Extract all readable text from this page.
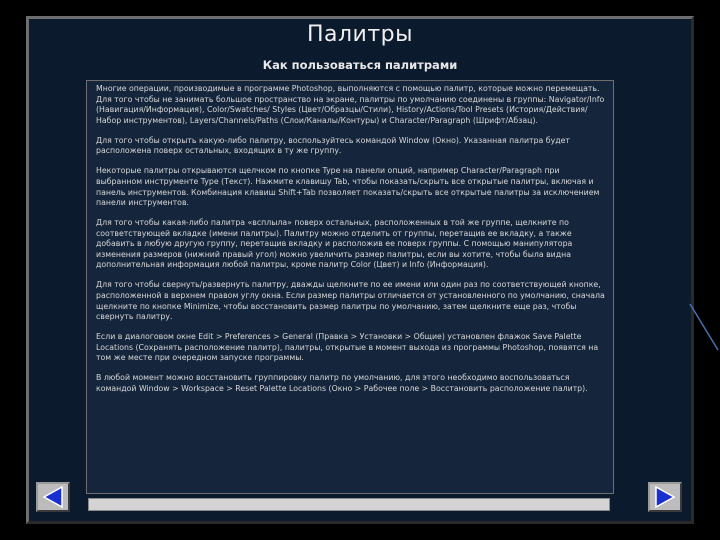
Палитры
Как пользоваться палитрами

Многие операции, производимые в программе Photoshop, выполняются с помощью палитр, которые можно перемещать. Для того чтобы не занимать большое пространство на экране, палитры по умолчанию соединены в группы: Navigator/Info (Навигация/Информация), Color/Swatches/ Styles (Цвет/Образцы/Стили), History/Actions/Tool Presets (История/Действия/Набор инструментов), Layers/Channels/Paths (Слои/Каналы/Контуры) и Character/Paragraph (Шрифт/Абзац).

Для того чтобы открыть какую-либо палитру, воспользуйтесь командой Window (Окно). Указанная палитра будет расположена поверх остальных, входящих в ту же группу.

Некоторые палитры открываются щелчком по кнопке Type на панели опций, например Character/Paragraph при выбранном инструменте Type (Текст). Нажмите клавишу Tab, чтобы показать/скрыть все открытые палитры, включая и панель инструментов. Комбинация клавиш Shift+Tab позволяет показать/скрыть все открытые палитры за исключением панели инструментов.

Для того чтобы какая-либо палитра «всплыла» поверх остальных, расположенных в той же группе, щелкните по соответствующей вкладке (имени палитры). Палитру можно отделить от группы, перетащив ее вкладку, а также добавить в любую другую группу, перетащив вкладку и расположив ее поверх группы. С помощью манипулятора изменения размеров (нижний правый угол) можно увеличить размер палитры, если вы хотите, чтобы была видна дополнительная информация любой палитры, кроме палитр Color (Цвет) и Info (Информация).

Для того чтобы свернуть/развернуть палитру, дважды щелкните по ее имени или один раз по соответствующей кнопке, расположенной в верхнем правом углу окна. Если размер палитры отличается от установленного по умолчанию, сначала щелкните по кнопке Minimize, чтобы восстановить размер палитры по умолчанию, затем щелкните еще раз, чтобы свернуть палитру.

Если в диалоговом окне Edit > Preferences > General (Правка > Установки > Общие) установлен флажок Save Palette Locations (Сохранять расположение палитр), палитры, открытые в момент выхода из программы Photoshop, появятся на том же месте при очередном запуске программы.

В любой момент можно восстановить группировку палитр по умолчанию, для этого необходимо воспользоваться командой Window > Workspace > Reset Palette Locations (Окно > Рабочее поле > Восстановить расположение палитр).
